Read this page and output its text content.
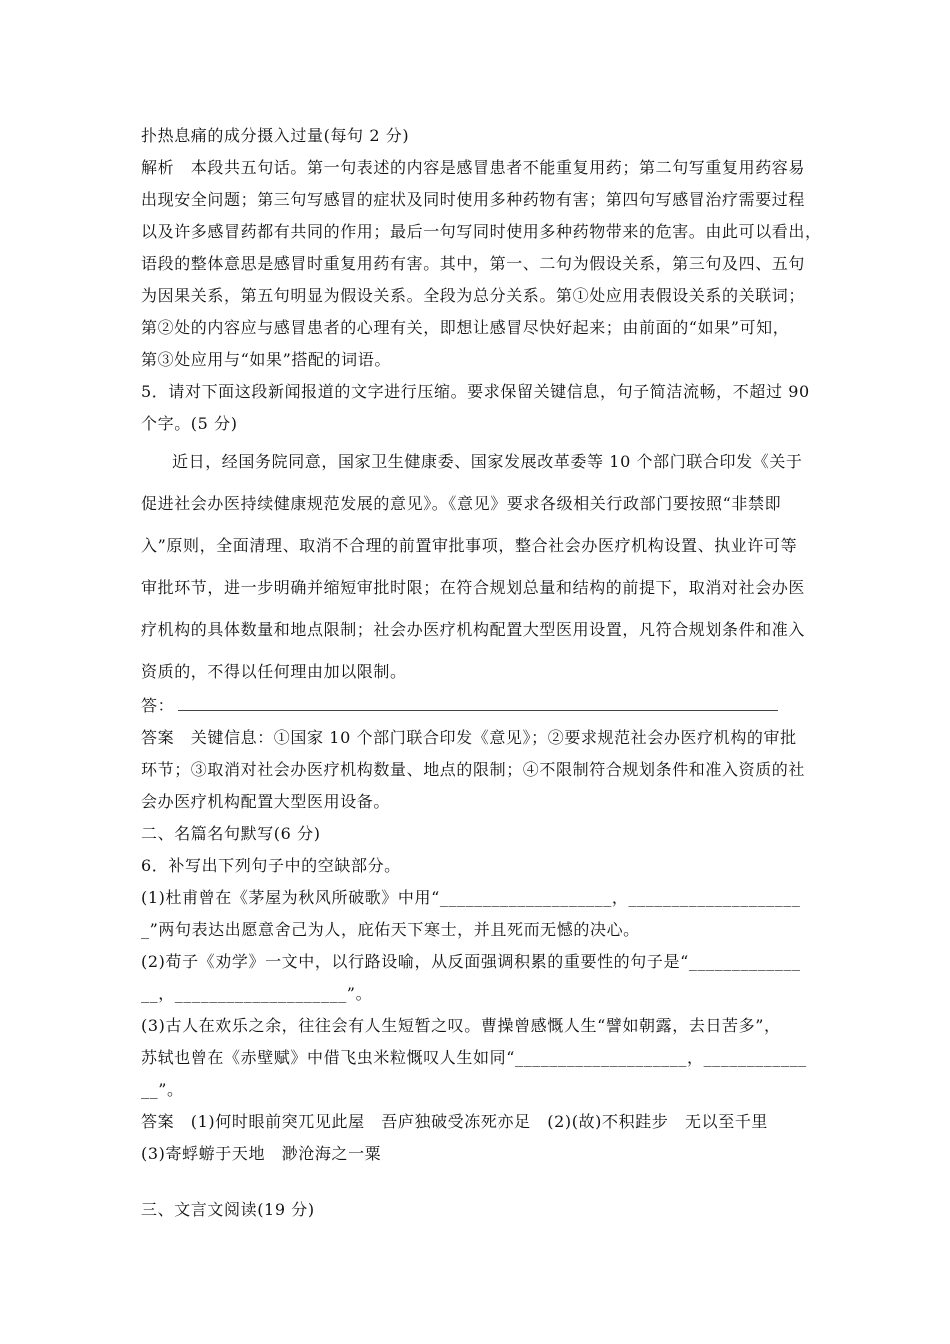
扑热息痛的成分摄入过量(每句 2 分)
解析　本段共五句话。第一句表述的内容是感冒患者不能重复用药；第二句写重复用药容易
出现安全问题；第三句写感冒的症状及同时使用多种药物有害；第四句写感冒治疗需要过程
以及许多感冒药都有共同的作用；最后一句写同时使用多种药物带来的危害。由此可以看出，
语段的整体意思是感冒时重复用药有害。其中，第一、二句为假设关系，第三句及四、五句
为因果关系，第五句明显为假设关系。全段为总分关系。第①处应用表假设关系的关联词；
第②处的内容应与感冒患者的心理有关，即想让感冒尽快好起来；由前面的“如果”可知，
第③处应用与“如果”搭配的词语。
5．请对下面这段新闻报道的文字进行压缩。要求保留关键信息，句子简洁流畅，不超过 90
个字。(5 分)
近日，经国务院同意，国家卫生健康委、国家发展改革委等 10 个部门联合印发《关于
促进社会办医持续健康规范发展的意见》。《意见》要求各级相关行政部门要按照“非禁即
入”原则，全面清理、取消不合理的前置审批事项，整合社会办医疗机构设置、执业许可等
审批环节，进一步明确并缩短审批时限；在符合规划总量和结构的前提下，取消对社会办医
疗机构的具体数量和地点限制；社会办医疗机构配置大型医用设置，凡符合规划条件和准入
资质的，不得以任何理由加以限制。
答：
答案　关键信息：①国家 10 个部门联合印发《意见》；②要求规范社会办医疗机构的审批
环节；③取消对社会办医疗机构数量、地点的限制；④不限制符合规划条件和准入资质的社
会办医疗机构配置大型医用设备。
二、名篇名句默写(6 分)
6．补写出下列句子中的空缺部分。
(1)杜甫曾在《茅屋为秋风所破歌》中用“____________________，____________________
_”两句表达出愿意舍己为人，庇佑天下寒士，并且死而无憾的决心。
(2)荀子《劝学》一文中，以行路设喻，从反面强调积累的重要性的句子是“_____________
__，____________________”。
(3)古人在欢乐之余，往往会有人生短暂之叹。曹操曾感慨人生“譬如朝露，去日苦多”，
苏轼也曾在《赤壁赋》中借飞虫米粒慨叹人生如同“____________________，____________
__”。
答案　(1)何时眼前突兀见此屋　吾庐独破受冻死亦足　(2)(故)不积跬步　无以至千里
(3)寄蜉蝣于天地　渺沧海之一粟
三、文言文阅读(19 分)
